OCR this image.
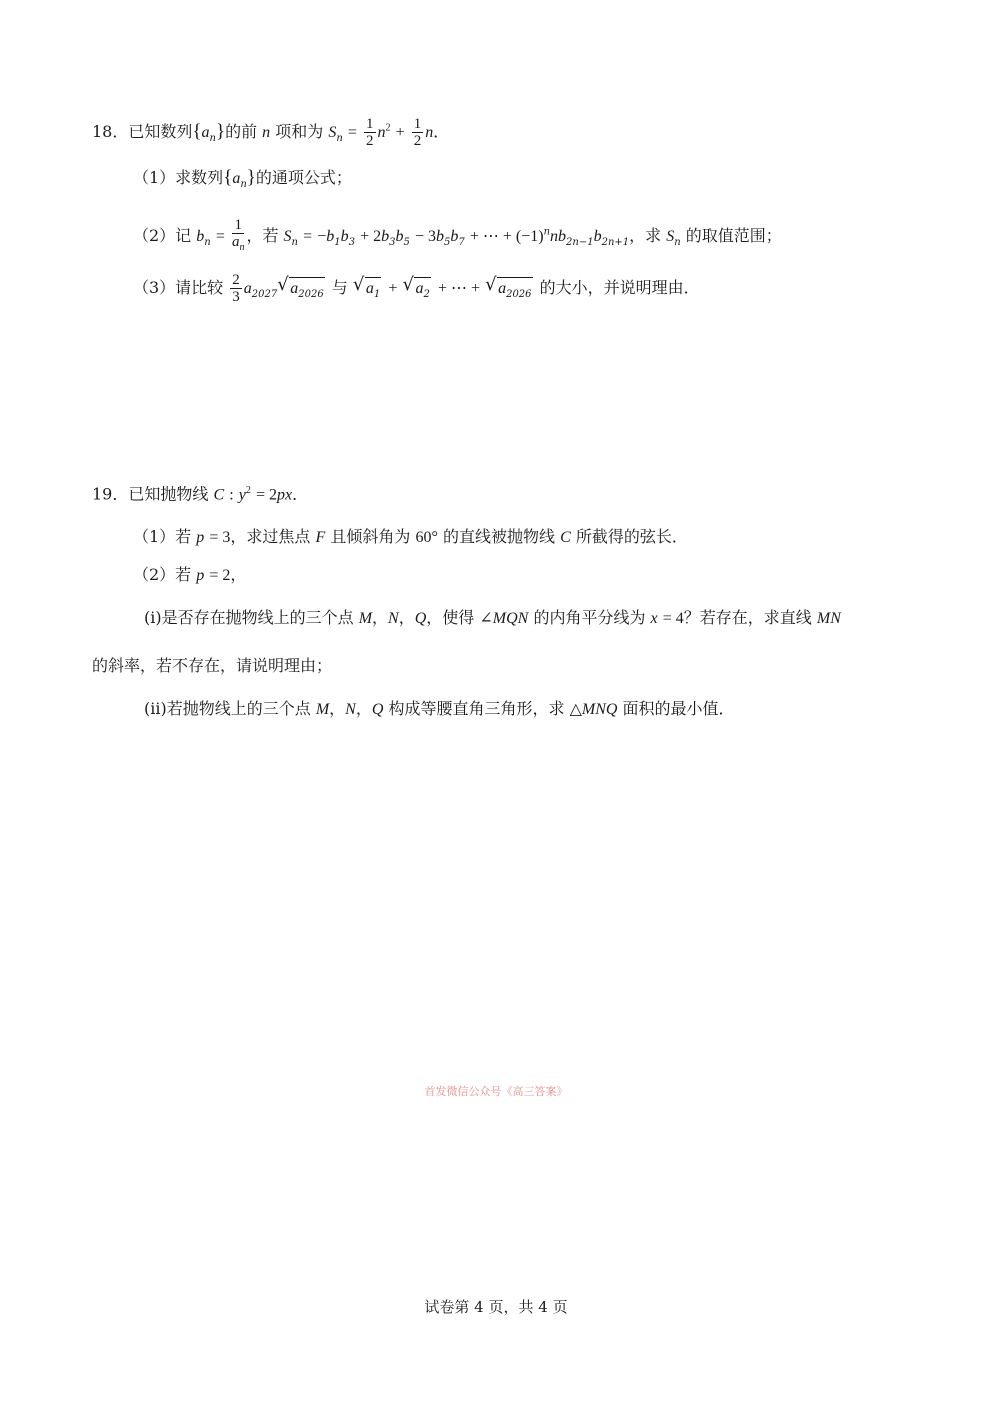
18．已知数列$\{a_n\}$的前 n 项和为 $S_n = \frac{1}{2} n^2 + \frac{1}{2}$ n．
（1）求数列$\{a_n\}$的通项公式；
（2）记 $b_n = \frac{1}{a_n}$ ，若 $S_n = -b_1b_3 + 2b_3b_5 - 3b_5b_7$ + ⋯ + $(-1)^nnb_{2n-1}b_{2n+1}$，求 $S_n$ 的取值范围；
（3）请比较 $\frac{2}{3} a_{2027}√$ $a_{2026}$ 与 √ $a_1$ + √ $a_2$ + ⋯ + √ $a_{2026}$ 的大小，并说明理由．
19．已知抛物线 C : $y^2 = 2px$．
（1）若 p = 3，求过焦点 F 且倾斜角为 60° 的直线被抛物线 C 所截得的弦长．
（2）若 p = 2，
(i)是否存在抛物线上的三个点 M，N，Q，使得 ∠MQN 的内角平分线为 x = 4？若存在，求直线 MN
的斜率，若不存在，请说明理由；
(ii)若抛物线上的三个点 M，N，Q 构成等腰直角三角形，求 △MNQ 面积的最小值．
首发微信公众号《高三答案》
试卷第 4 页，共 4 页
